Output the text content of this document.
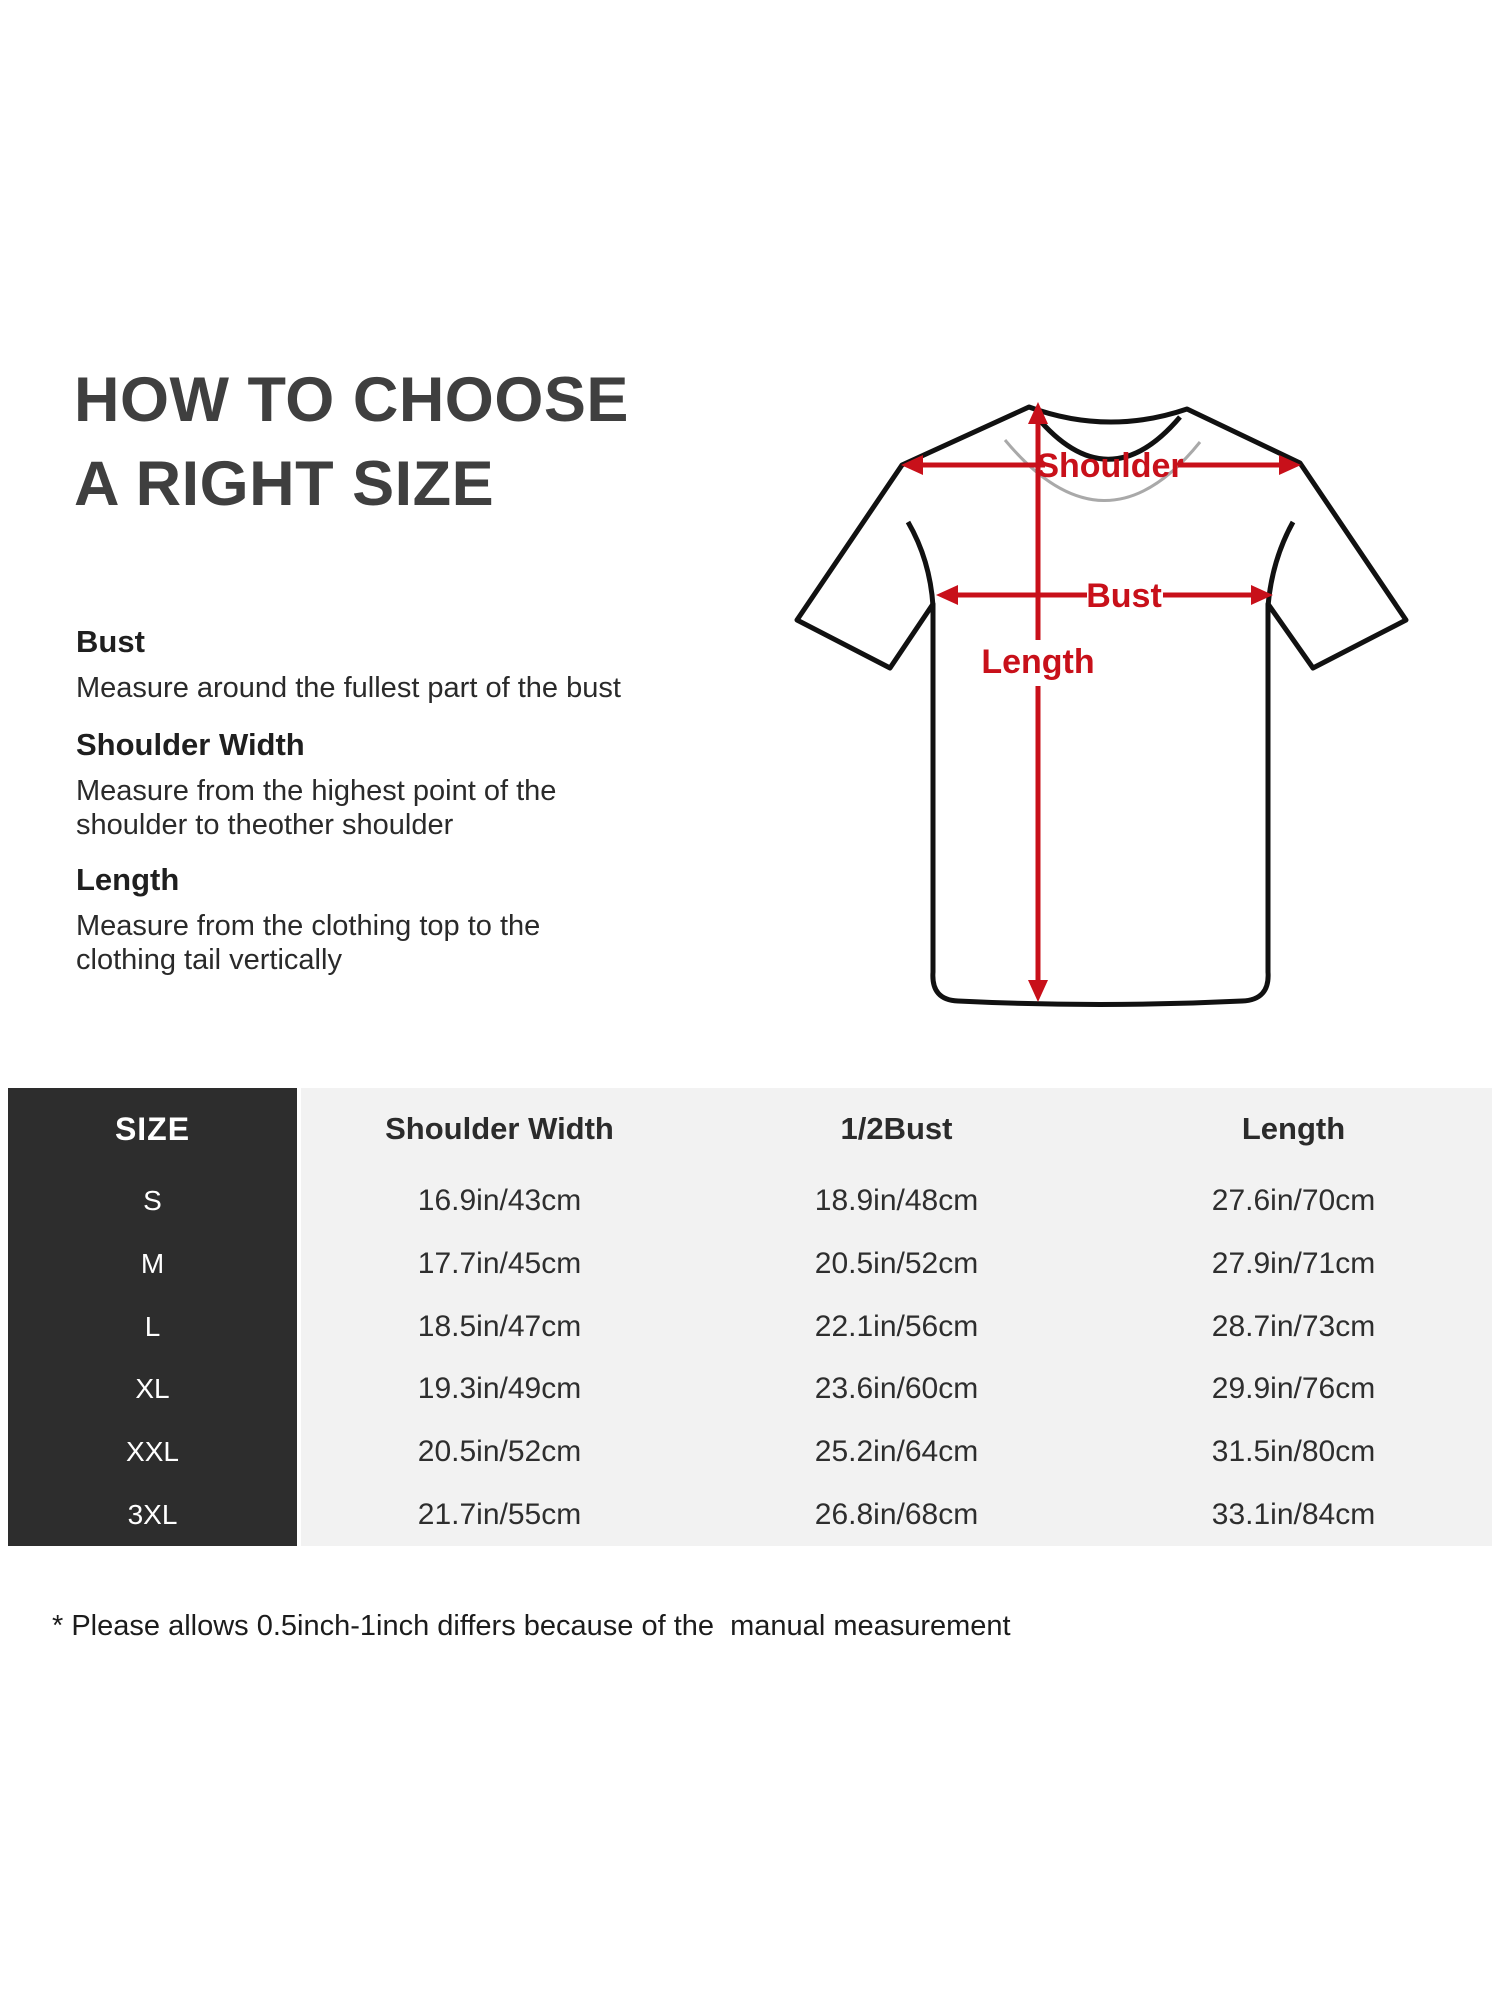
HOW TO CHOOSE
A RIGHT SIZE
Bust
Measure around the fullest part of the bust
Shoulder Width
Measure from the highest point of the
shoulder to theother shoulder
Length
Measure from the clothing top to the
clothing tail vertically
Shoulder
Bust
Length
SIZE
S
M
L
XL
XXL
3XL
Shoulder Width
16.9in/43cm
17.7in/45cm
18.5in/47cm
19.3in/49cm
20.5in/52cm
21.7in/55cm
1/2Bust
18.9in/48cm
20.5in/52cm
22.1in/56cm
23.6in/60cm
25.2in/64cm
26.8in/68cm
Length
27.6in/70cm
27.9in/71cm
28.7in/73cm
29.9in/76cm
31.5in/80cm
33.1in/84cm
* Please allows 0.5inch-1inch differs because of the  manual measurement
